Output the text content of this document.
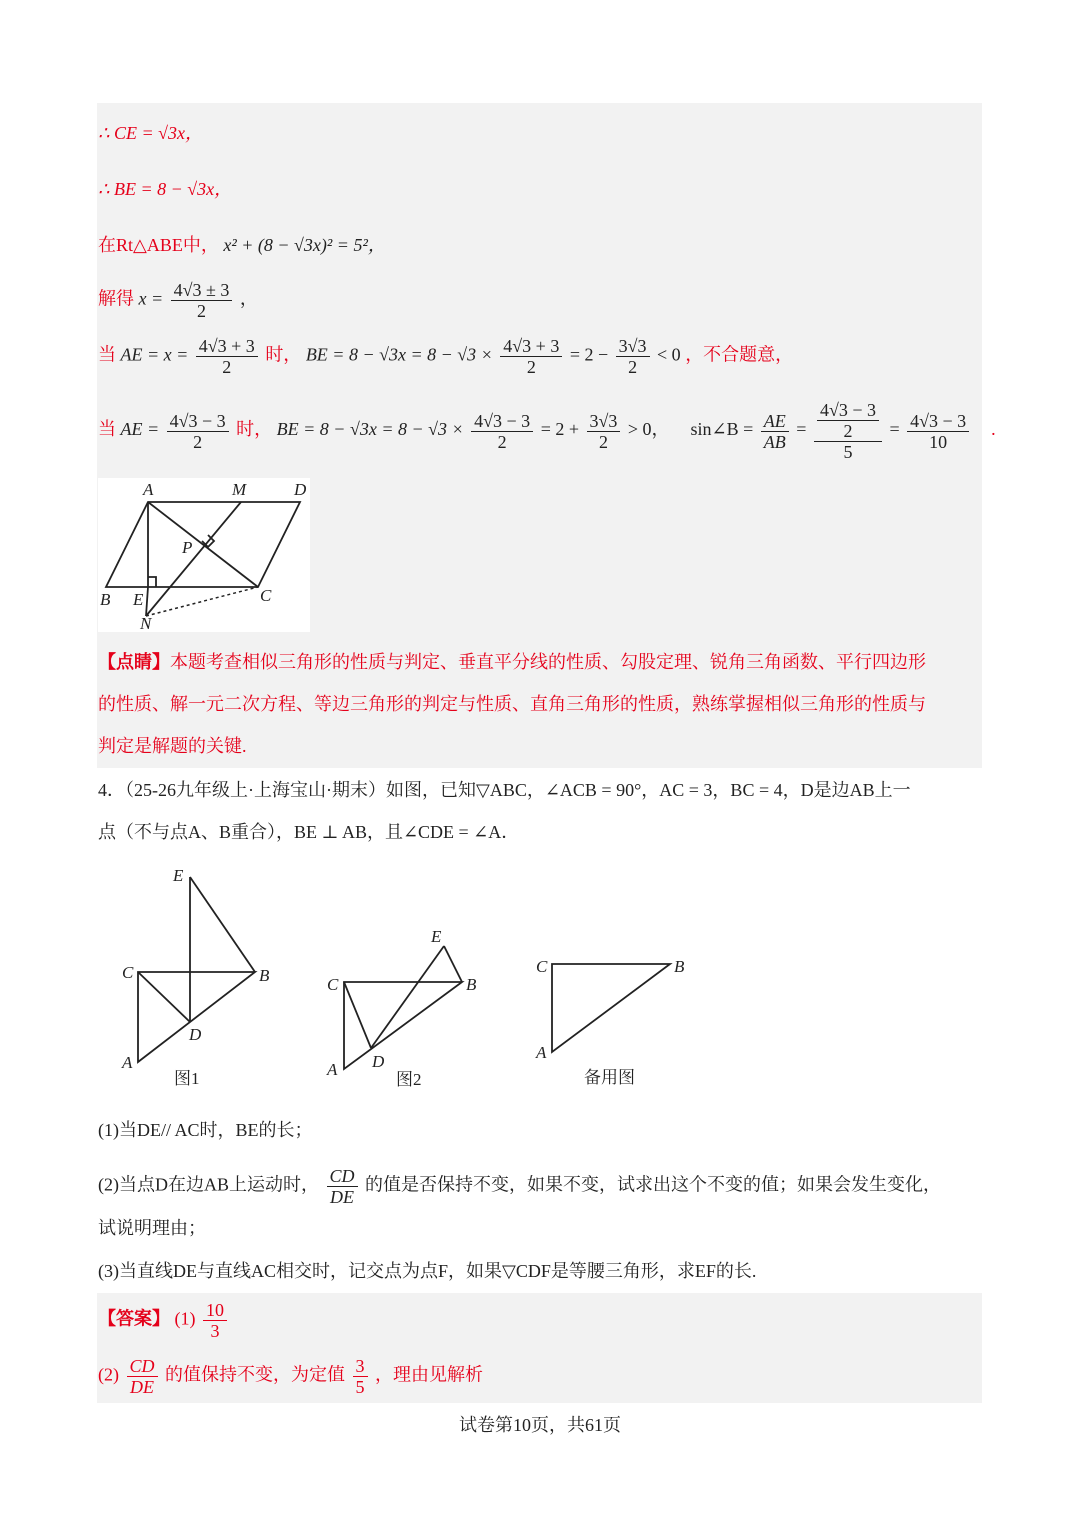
∴ CE = √3x，
∴ BE = 8 − √3x，
在Rt△ABE中， x² + (8 − √3x)² = 5²，
解得 $x = \frac{4√3 \pm 3}{2}$ ，
当 AE = $x = \frac{4√3 + 3}{2}$ 时， BE = $8 - √3x = 8 - √3 \times \frac{4√3 + 3}{2} = 2 - \frac{3√3}{2} < 0$ ，不合题意，
当 AE = $\frac{4√3 - 3}{2}$ 时， BE = $8 - √3x = 8 - √3 \times \frac{4√3 - 3}{2} = 2 + \frac{3√3}{2} > 0$， sin∠B = $\frac{AE}{AB} = \frac{\frac{4√3 - 3}{2}}{5} = \frac{4√3 - 3}{10}$ .
A	M	D
P
B E	C
N
【点睛】本题考查相似三角形的性质与判定、垂直平分线的性质、勾股定理、锐角三角函数、平行四边形
的性质、解一元二次方程、等边三角形的判定与性质、直角三角形的性质，熟练掌握相似三角形的性质与
判定是解题的关键.
4．（25-26九年级上·上海宝山·期末）如图，已知▽ABC，∠ACB = 90°，AC = 3，BC = 4，D是边AB上一
点（不与点A、B重合），BE ⊥ AB，且∠CDE = ∠A．
E
C	B
D
A
图1
E
C	B
D
A
图2
C	B
A
备用图
(1)当DE// AC时，BE的长；
(2)当点D在边AB上运动时， $\frac{CD}{DE}$ 的值是否保持不变，如果不变，试求出这个不变的值；如果会发生变化，
试说明理由；
(3)当直线DE与直线AC相交时，记交点为点F，如果▽CDF是等腰三角形，求EF的长.
【答案】 $(1) \frac{10}{3}$
$(2) \frac{CD}{DE}$ 的值保持不变，为定值 $\frac{3}{5}$ ，理由见解析
试卷第10页，共61页
